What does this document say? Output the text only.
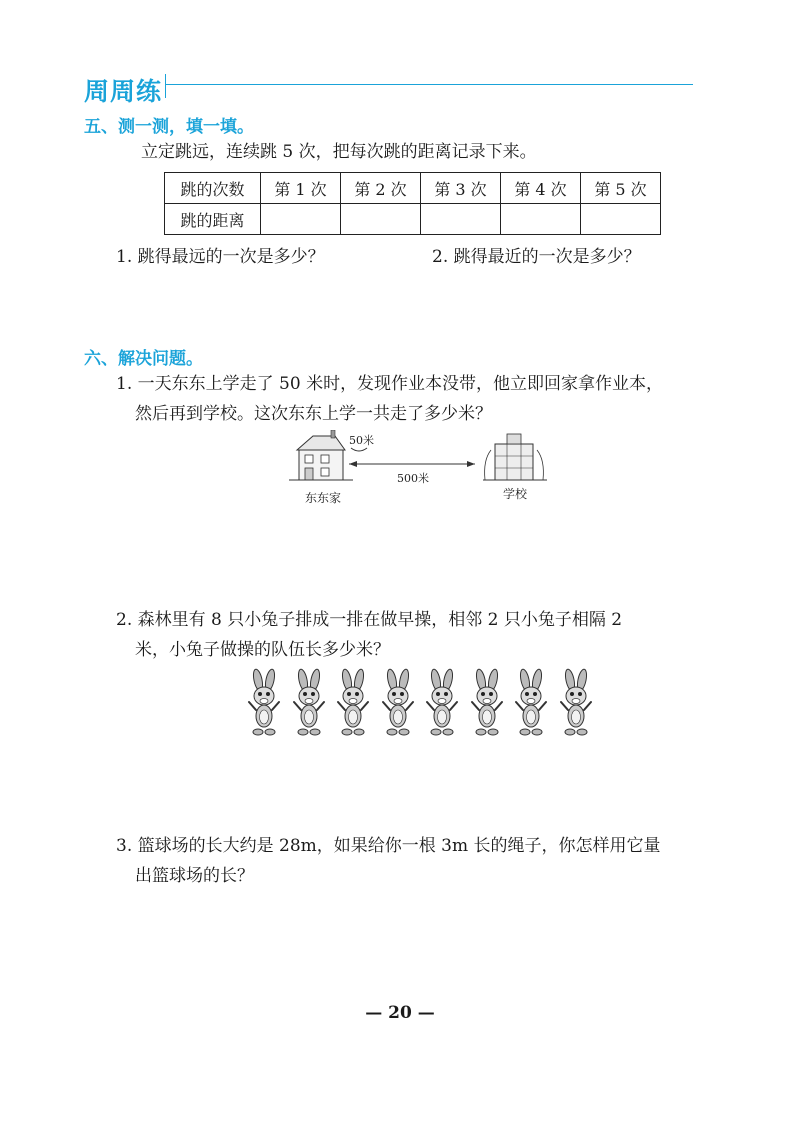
周周练
五、测一测，填一填。
立定跳远，连续跳 5 次，把每次跳的距离记录下来。
跳的次数	第 1 次	第 2 次	第 3 次	第 4 次	第 5 次
跳的距离					
1. 跳得最远的一次是多少？	2. 跳得最近的一次是多少？
六、解决问题。
1. 一天东东上学走了 50 米时，发现作业本没带，他立即回家拿作业本，
然后再到学校。这次东东上学一共走了多少米？
50米
500米
东东家	学校
2. 森林里有 8 只小兔子排成一排在做早操，相邻 2 只小兔子相隔 2
米，小兔子做操的队伍长多少米？
3. 篮球场的长大约是 28m，如果给你一根 3m 长的绳子，你怎样用它量
出篮球场的长？
— 20 —
